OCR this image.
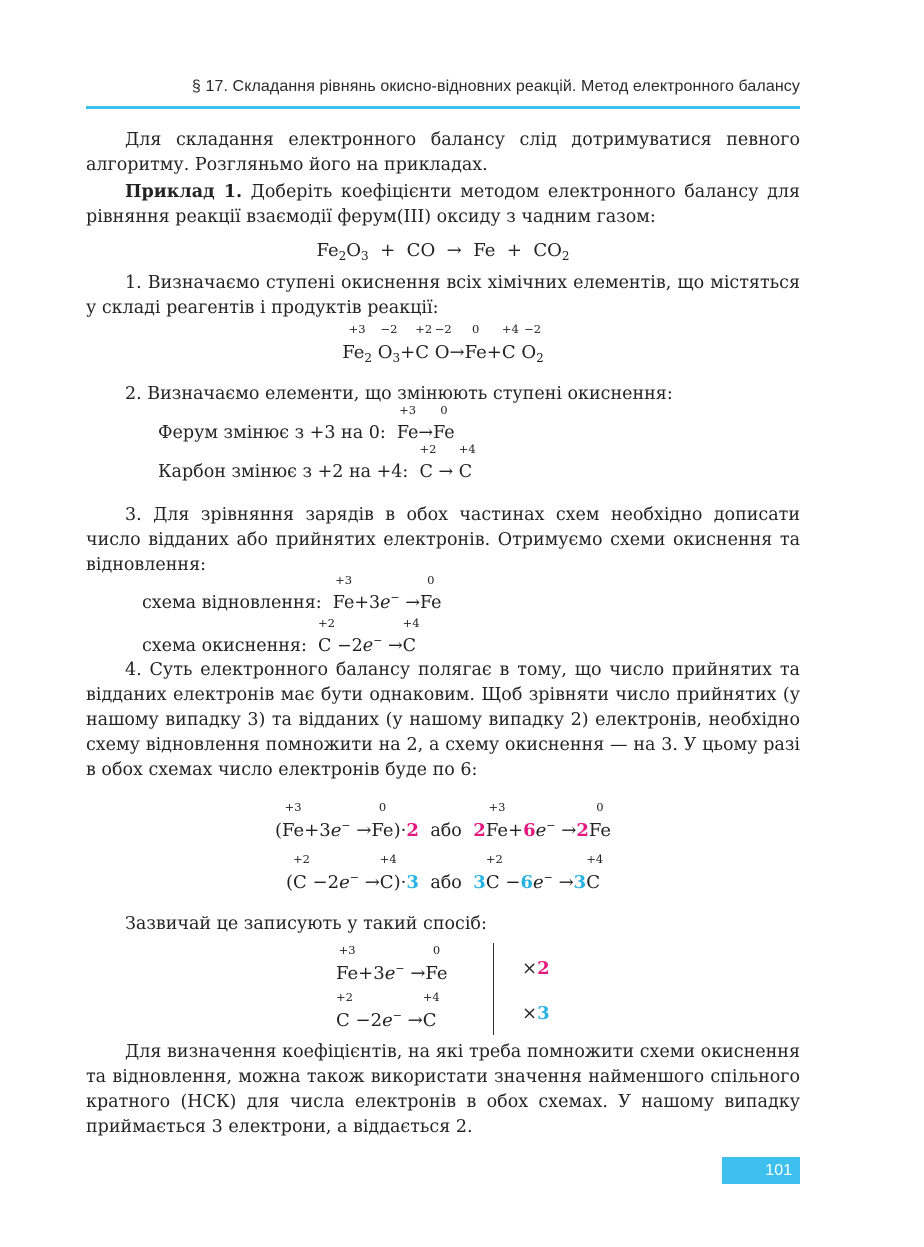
§ 17. Складання рівнянь окисно-відновних реакцій. Метод електронного балансу
Для складання електронного балансу слід дотримуватися певного алгоритму. Розгляньмо його на прикладах.
Приклад 1. Доберіть коефіцієнти методом електронного балансу для рівняння реакції взаємодії ферум(ІІІ) оксиду з чадним газом:
$Fe_2O_3$ + CO → $Fe + CO_2$
1. Визначаємо ступені окиснення всіх хімічних елементів, що містяться у складі реагентів і продуктів реакції:
+3
$Fe_2$
−2
$O_3+$
+2
C
−2
O→
0
Fe+
+4
C
−2
$O_2$
2. Визначаємо елементи, що змінюють ступені окиснення:
Ферум змінює з +3 на 0:
+3
Fe→
0
Fe
Карбон змінює з +2 на +4:
+2
C →
+4
C
3. Для зрівняння зарядів в обох частинах схем необхідно дописати число відданих або прийнятих електронів. Отримуємо схеми окиснення та відновлення:
схема відновлення:
+3
Fe+3e− →
0
Fe
схема окиснення:
+2
C −2e− →
+4
C
4. Суть електронного балансу полягає в тому, що число прийнятих та відданих електронів має бути однаковим. Щоб зрівняти число прийнятих (у нашому випадку 3) та відданих (у нашому випадку 2) електронів, необхідно схему відновлення помножити на 2, а схему окиснення — на 3. У цьому разі в обох схемах число електронів буде по 6:
(
+3
Fe+3e− →
0
Fe)·2 або 2
+3
Fe+6e− →2
0
Fe
(
+2
C −2e− →
+4
C)·3 або 3
+2
C −6e− →3
+4
C
Зазвичай це записують у такий спосіб:
+3
Fe+3e− →
0
Fe
+2
C −2e− →
+4
C
×2
×3
Для визначення коефіцієнтів, на які треба помножити схеми окиснення та відновлення, можна також використати значення найменшого спільного кратного (НСК) для числа електронів в обох схемах. У нашому випадку приймається 3 електрони, а віддається 2.
101
